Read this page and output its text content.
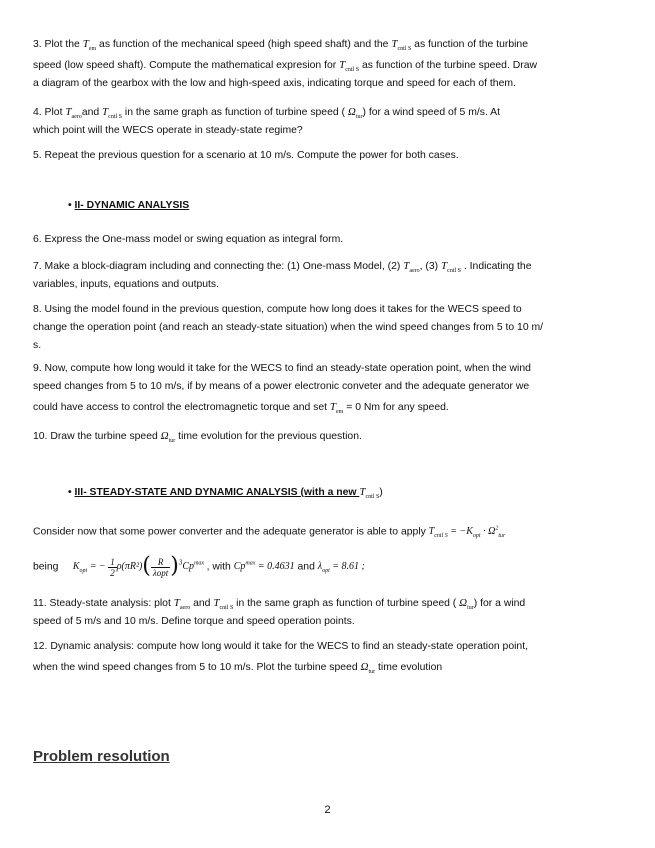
3. Plot the $T_{em}$ as function of the mechanical speed (high speed shaft) and the $T_{cntl S}$ as function of the turbine
speed (low speed shaft). Compute the mathematical expresion for $T_{cntl S}$ as function of the turbine speed. Draw
a diagram of the gearbox with the low and high-speed axis, indicating torque and speed for each of them.
4. Plot $T_{aero}and$ $T_{cntl S}$ in the same graph as function of turbine speed ( $\Omega_{tur}$) for a wind speed of 5 m/s. At
which point will the WECS operate in steady-state regime?
5. Repeat the previous question for a scenario at 10 m/s. Compute the power for both cases.
• II- DYNAMIC ANALYSIS
6. Express the One-mass model or swing equation as integral form.
7. Make a block-diagram including and connecting the: (1) One-mass Model, (2) $T_{aero}$, (3) $T_{cntl S}$ . Indicating the
variables, inputs, equations and outputs.
8. Using the model found in the previous question, compute how long does it takes for the WECS speed to
change the operation point (and reach an steady-state situation) when the wind speed changes from 5 to 10 m/
s.
9. Now, compute how long would it take for the WECS to find an steady-state operation point, when the wind
speed changes from 5 to 10 m/s, if by means of a power electronic conveter and the adequate generator we
could have access to control the electromagnetic torque and set $T_{em} = 0$ Nm for any speed.
10. Draw the turbine speed $\Omega_{tur}$ time evolution for the previous question.
• III- STEADY-STATE AND DYNAMIC ANALYSIS (with a new $T_{cntl S}$)
Consider now that some power converter and the adequate generator is able to apply $T_{cntl S} = -K_{opt} \cdot \Omega^2_{tur}$
being $K_{opt}$ = − $\frac{1}{2} \rho(\pi R^2)( \frac{R}{\text{λopt}} )^3Cp^{max}$ , with $Cp^{max} = 0.4631$ and $\lambda_{opt} = 8.61$ ;
11. Steady-state analysis: plot $T_{aero}$ and $T_{cntl S}$ in the same graph as function of turbine speed ( $\Omega_{tur}$) for a wind
speed of 5 m/s and 10 m/s. Define torque and speed operation points.
12. Dynamic analysis: compute how long would it take for the WECS to find an steady-state operation point,
when the wind speed changes from 5 to 10 m/s. Plot the turbine speed $\Omega_{tur}$ time evolution
Problem resolution
2
